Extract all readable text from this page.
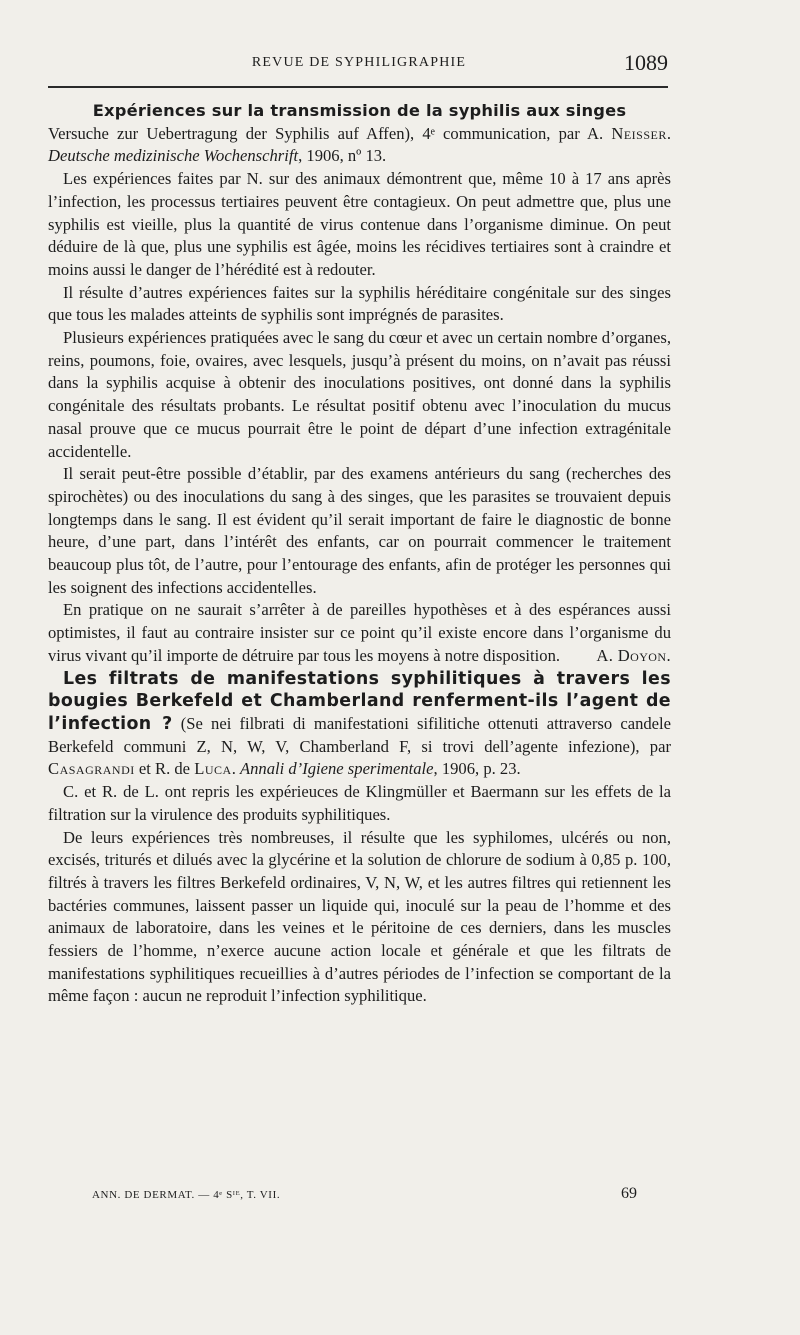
REVUE DE SYPHILIGRAPHIE	1089

Expériences sur la transmission de la syphilis aux singes

Versuche zur Uebertragung der Syphilis auf Affen), 4ᵉ communication, par A. Neisser. Deutsche medizinische Wochenschrift, 1906, nº 13.

Les expériences faites par N. sur des animaux démontrent que, même 10 à 17 ans après l’infection, les processus tertiaires peuvent être contagieux. On peut admettre que, plus une syphilis est vieille, plus la quantité de virus contenue dans l’organisme diminue. On peut déduire de là que, plus une syphilis est âgée, moins les récidives tertiaires sont à craindre et moins aussi le danger de l’hérédité est à redouter.

Il résulte d’autres expériences faites sur la syphilis héréditaire congénitale sur des singes que tous les malades atteints de syphilis sont imprégnés de parasites.

Plusieurs expériences pratiquées avec le sang du cœur et avec un certain nombre d’organes, reins, poumons, foie, ovaires, avec lesquels, jusqu’à présent du moins, on n’avait pas réussi dans la syphilis acquise à obtenir des inoculations positives, ont donné dans la syphilis congénitale des résultats probants. Le résultat positif obtenu avec l’inoculation du mucus nasal prouve que ce mucus pourrait être le point de départ d’une infection extragénitale accidentelle.

Il serait peut-être possible d’établir, par des examens antérieurs du sang (recherches des spirochètes) ou des inoculations du sang à des singes, que les parasites se trouvaient depuis longtemps dans le sang. Il est évident qu’il serait important de faire le diagnostic de bonne heure, d’une part, dans l’intérêt des enfants, car on pourrait commencer le traitement beaucoup plus tôt, de l’autre, pour l’entourage des enfants, afin de protéger les personnes qui les soignent des infections accidentelles.

En pratique on ne saurait s’arrêter à de pareilles hypothèses et à des espérances aussi optimistes, il faut au contraire insister sur ce point qu’il existe encore dans l’organisme du virus vivant qu’il importe de détruire par tous les moyens à notre disposition.	A. Doyon.

Les filtrats de manifestations syphilitiques à travers les bougies Berkefeld et Chamberland renferment-ils l’agent de l’infection ? (Se nei filbrati di manifestationi sifilitiche ottenuti attraverso candele Berkefeld communi Z, N, W, V, Chamberland F, si trovi dell’agente infezione), par Casagrandi et R. de Luca. Annali d’Igiene sperimentale, 1906, p. 23.

C. et R. de L. ont repris les expérieuces de Klingmüller et Baermann sur les effets de la filtration sur la virulence des produits syphilitiques.

De leurs expériences très nombreuses, il résulte que les syphilomes, ulcérés ou non, excisés, triturés et dilués avec la glycérine et la solution de chlorure de sodium à 0,85 p. 100, filtrés à travers les filtres Berkefeld ordinaires, V, N, W, et les autres filtres qui retiennent les bactéries communes, laissent passer un liquide qui, inoculé sur la peau de l’homme et des animaux de laboratoire, dans les veines et le péritoine de ces derniers, dans les muscles fessiers de l’homme, n’exerce aucune action locale et générale et que les filtrats de manifestations syphilitiques recueillies à d’autres périodes de l’infection se comportant de la même façon : aucun ne reproduit l’infection syphilitique.

ANN. DE DERMAT. — 4ᵉ Sᴵᴱ, T. VII.	69
